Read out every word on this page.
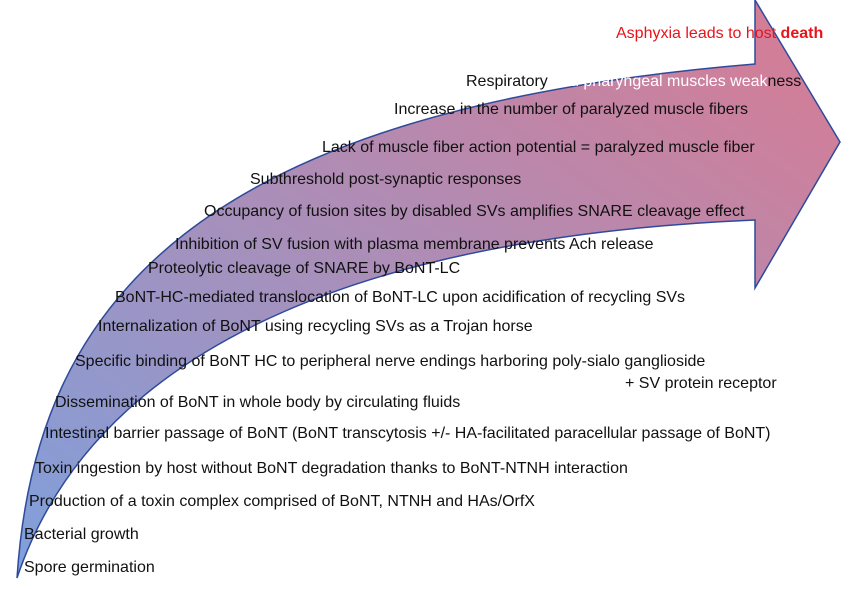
Asphyxia leads to host death
Respiratory and pharyngeal muscles weakness
Increase in the number of paralyzed muscle fibers
Lack of muscle fiber action potential = paralyzed muscle fiber
Subthreshold post-synaptic responses
Occupancy of fusion sites by disabled SVs amplifies SNARE cleavage effect
Inhibition of SV fusion with plasma membrane prevents Ach release
Proteolytic cleavage of SNARE by BoNT-LC
BoNT-HC-mediated translocation of BoNT-LC upon acidification of recycling SVs
Internalization of BoNT using recycling SVs as a Trojan horse
Specific binding of BoNT HC to peripheral nerve endings harboring poly-sialo ganglioside
+ SV protein receptor
Dissemination of BoNT in whole body by circulating fluids
Intestinal barrier passage of BoNT (BoNT transcytosis +/- HA-facilitated paracellular passage of BoNT)
Toxin ingestion by host without BoNT degradation thanks to BoNT-NTNH interaction
Production of a toxin complex comprised of BoNT, NTNH and HAs/OrfX
Bacterial growth
Spore germination
